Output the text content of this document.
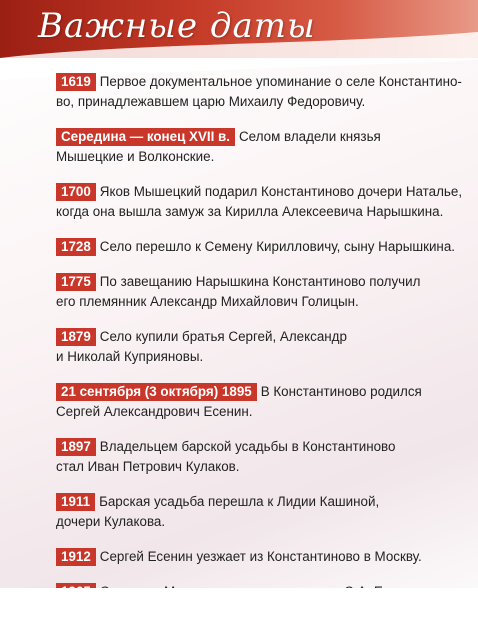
Важные даты
1619 Первое документальное упоминание о селе Константино-
во, принадлежавшем царю Михаилу Федоровичу.
Середина — конец XVII в. Селом владели князья
Мышецкие и Волконские.
1700 Яков Мышецкий подарил Константиново дочери Наталье,
когда она вышла замуж за Кирилла Алексеевича Нарышкина.
1728 Село перешло к Семену Кирилловичу, сыну Нарышкина.
1775 По завещанию Нарышкина Константиново получил
его племянник Александр Михайлович Голицын.
1879 Село купили братья Сергей, Александр
и Николай Куприяновы.
21 сентября (3 октября) 1895 В Константиново родился
Сергей Александрович Есенин.
1897 Владельцем барской усадьбы в Константиново
стал Иван Петрович Кулаков.
1911 Барская усадьба перешла к Лидии Кашиной,
дочери Кулакова.
1912 Сергей Есенин уезжает из Константиново в Москву.
